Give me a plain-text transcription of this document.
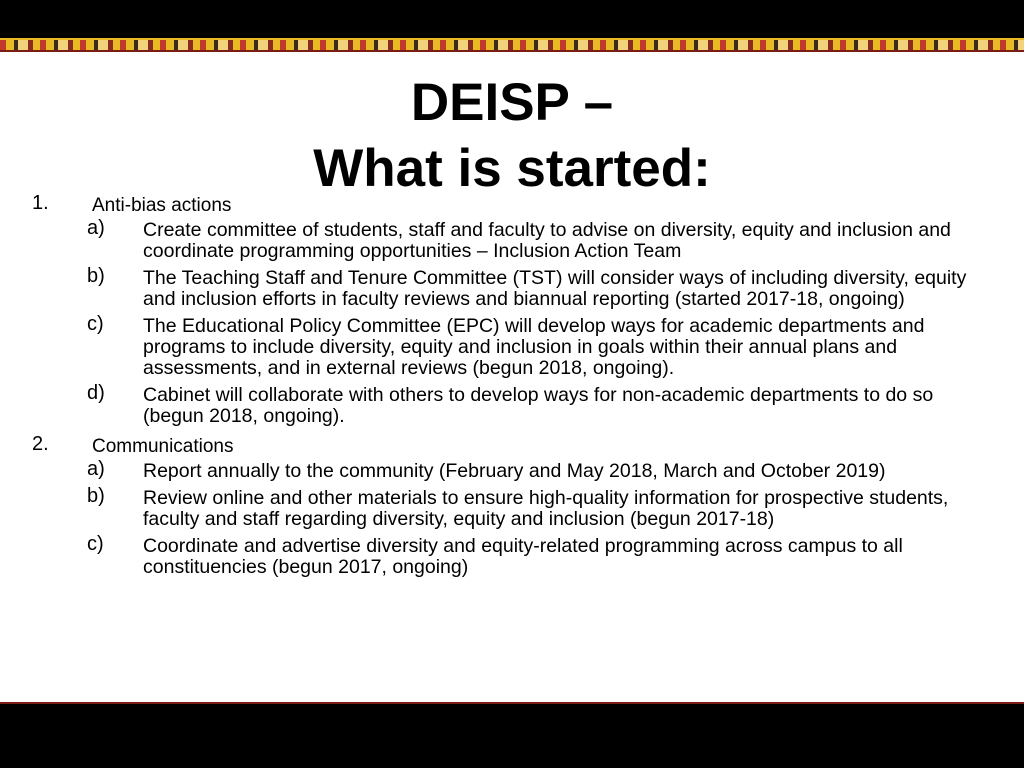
DEISP –
What is started:
1. Anti-bias actions
a) Create committee of students, staff and faculty to advise on diversity, equity and inclusion and coordinate programming opportunities – Inclusion Action Team
b) The Teaching Staff and Tenure Committee (TST) will consider ways of including diversity, equity and inclusion efforts in faculty reviews and biannual reporting (started 2017-18, ongoing)
c) The Educational Policy Committee (EPC) will develop ways for academic departments and programs to include diversity, equity and inclusion in goals within their annual plans and assessments, and in external reviews (begun 2018, ongoing).
d) Cabinet will collaborate with others to develop ways for non-academic departments to do so (begun 2018, ongoing).
2. Communications
a) Report annually to the community (February and May 2018, March and October 2019)
b) Review online and other materials to ensure high-quality information for prospective students, faculty and staff regarding diversity, equity and inclusion (begun 2017-18)
c) Coordinate and advertise diversity and equity-related programming across campus to all constituencies (begun 2017, ongoing)
